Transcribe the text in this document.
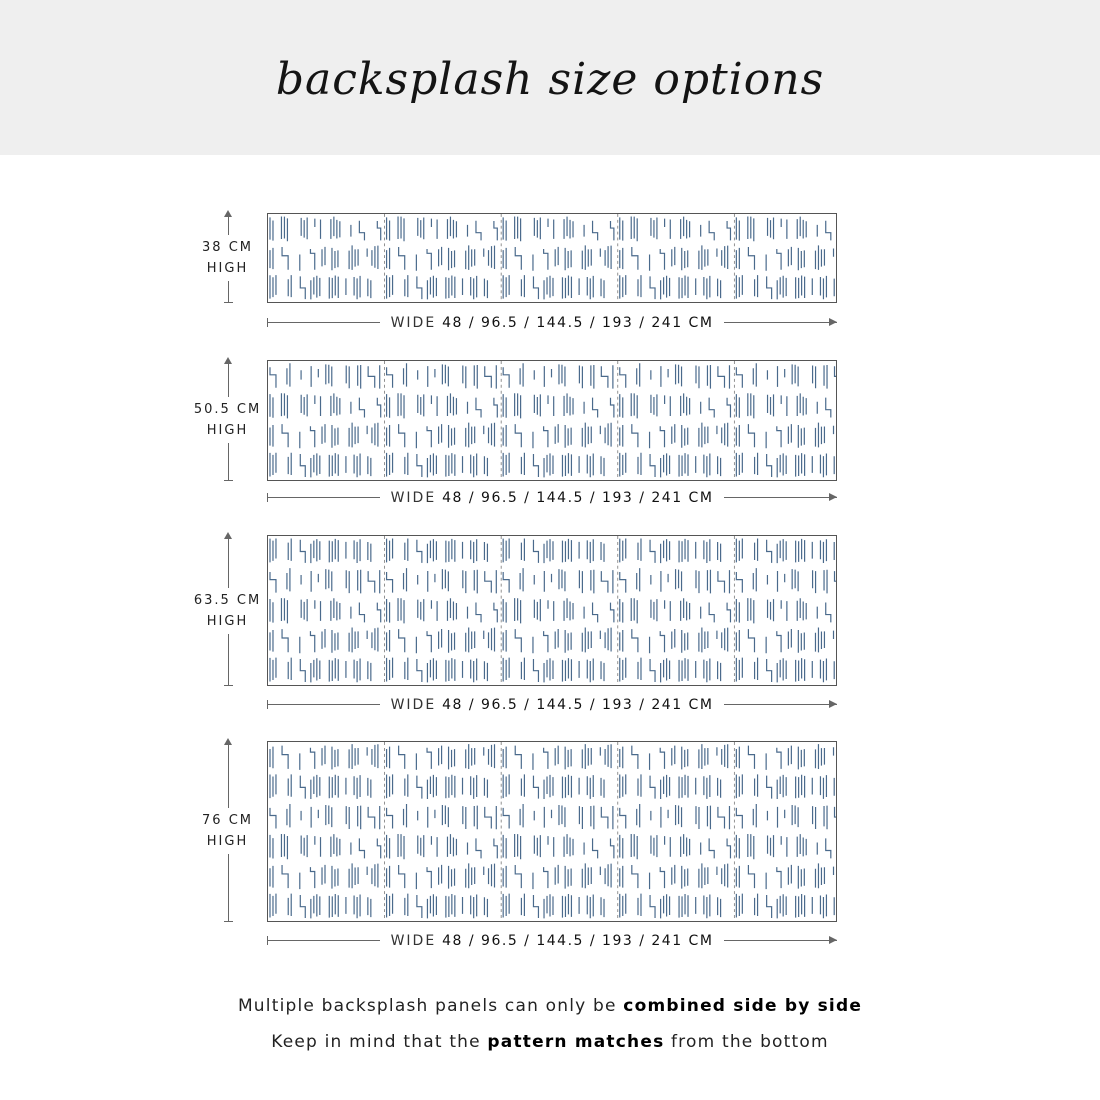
backsplash size options
38 CM
HIGH
WIDE 48 / 96.5 / 144.5 / 193 / 241 CM
50.5 CM
HIGH
WIDE 48 / 96.5 / 144.5 / 193 / 241 CM
63.5 CM
HIGH
WIDE 48 / 96.5 / 144.5 / 193 / 241 CM
76 CM
HIGH
WIDE 48 / 96.5 / 144.5 / 193 / 241 CM
Multiple backsplash panels can only be combined side by side
Keep in mind that the pattern matches from the bottom
